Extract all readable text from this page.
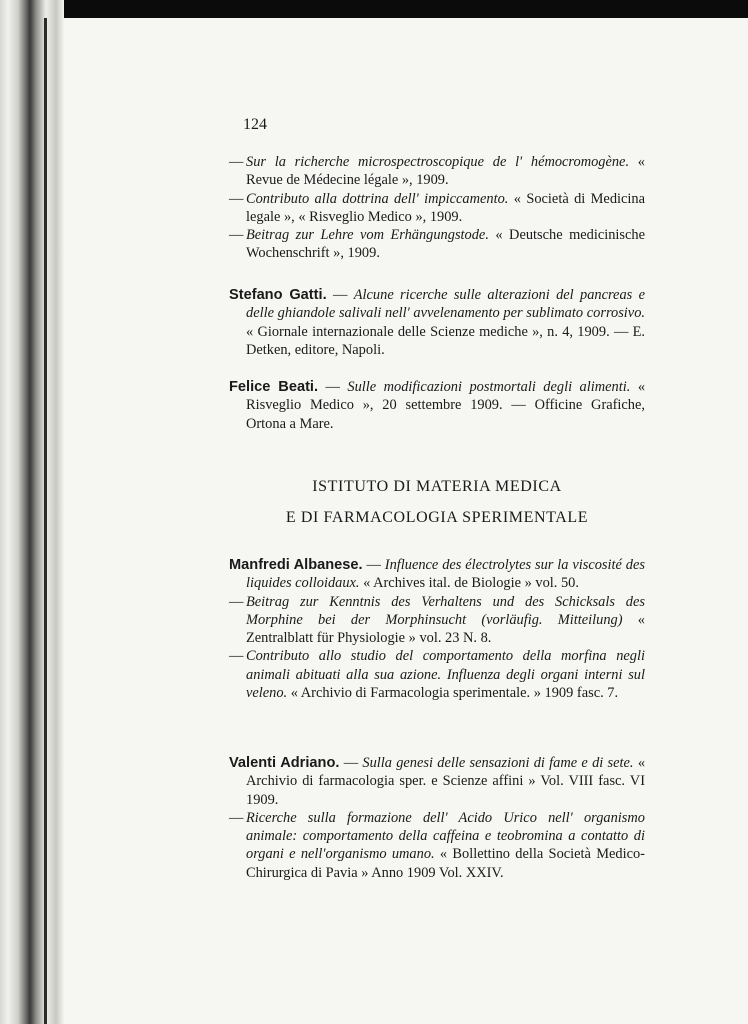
124

— Sur la richerche microspectroscopique de l' hémocromogène. « Revue de Médecine légale », 1909.

— Contributo alla dottrina dell' impiccamento. « Società di Medicina legale », « Risveglio Medico », 1909.

— Beitrag zur Lehre vom Erhängungstode. « Deutsche medicinische Wochenschrift », 1909.

Stefano Gatti. — Alcune ricerche sulle alterazioni del pancreas e delle ghiandole salivali nell' avvelenamento per sublimato corrosivo. « Giornale internazionale delle Scienze mediche », n. 4, 1909. — E. Detken, editore, Napoli.

Felice Beati. — Sulle modificazioni postmortali degli alimenti. « Risveglio Medico », 20 settembre 1909. — Officine Grafiche, Ortona a Mare.

ISTITUTO DI MATERIA MEDICA
E DI FARMACOLOGIA SPERIMENTALE

Manfredi Albanese. — Influence des électrolytes sur la viscosité des liquides colloidaux. « Archives ital. de Biologie » vol. 50.

— Beitrag zur Kenntnis des Verhaltens und des Schicksals des Morphine bei der Morphinsucht (vorläufig. Mitteilung) « Zentralblatt für Physiologie » vol. 23 N. 8.

— Contributo allo studio del comportamento della morfina negli animali abituati alla sua azione. Influenza degli organi interni sul veleno. « Archivio di Farmacologia sperimentale. » 1909 fasc. 7.

Valenti Adriano. — Sulla genesi delle sensazioni di fame e di sete. « Archivio di farmacologia sper. e Scienze affini » Vol. VIII fasc. VI 1909.

— Ricerche sulla formazione dell' Acido Urico nell' organismo animale: comportamento della caffeina e teobromina a contatto di organi e nell'organismo umano. « Bollettino della Società Medico-Chirurgica di Pavia » Anno 1909 Vol. XXIV.
